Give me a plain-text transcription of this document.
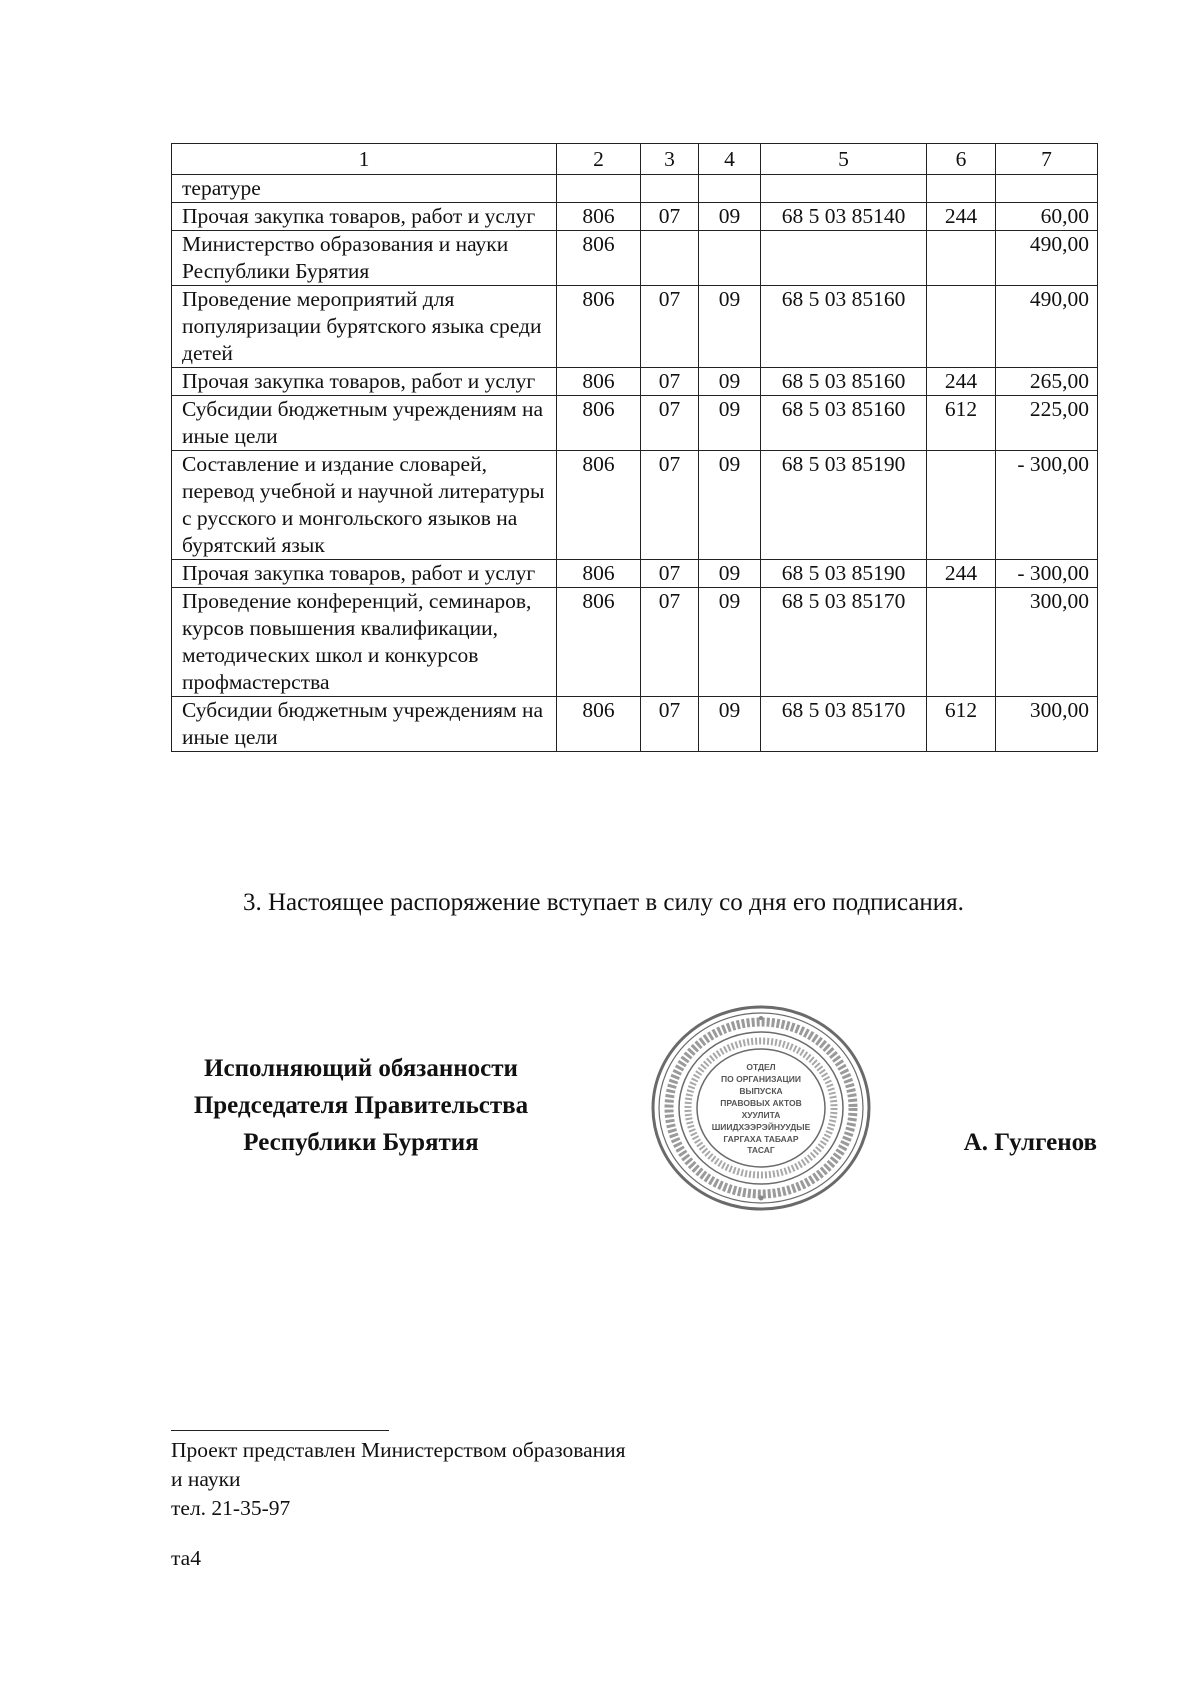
1	2	3	4	5	6	7
тературе						
Прочая закупка товаров, работ и услуг	806	07	09	68 5 03 85140	244	60,00
Министерство образования и науки Республики Бурятия	806					490,00
Проведение мероприятий для популяризации бурятского языка среди детей	806	07	09	68 5 03 85160		490,00
Прочая закупка товаров, работ и услуг	806	07	09	68 5 03 85160	244	265,00
Субсидии бюджетным учреждениям на иные цели	806	07	09	68 5 03 85160	612	225,00
Составление и издание словарей, перевод учебной и научной литературы с русского и монгольского языков на бурятский язык	806	07	09	68 5 03 85190		- 300,00
Прочая закупка товаров, работ и услуг	806	07	09	68 5 03 85190	244	- 300,00
Проведение конференций, семинаров, курсов повышения квалификации, методических школ и конкурсов профмастерства	806	07	09	68 5 03 85170		300,00
Субсидии бюджетным учреждениям на иные цели	806	07	09	68 5 03 85170	612	300,00

3. Настоящее распоряжение вступает в силу со дня его подписания.

Исполняющий обязанности
Председателя Правительства
Республики Бурятия

ОТДЕЛ
ПО ОРГАНИЗАЦИИ
ВЫПУСКА
ПРАВОВЫХ АКТОВ
ХУУЛИТА
ШИИДХЭЭРЭЙНУУДЫЕ
ГАРГАХА ТАБААР
ТАСАГ	А. Гулгенов

Проект представлен Министерством образования
и науки
тел. 21-35-97

та4
